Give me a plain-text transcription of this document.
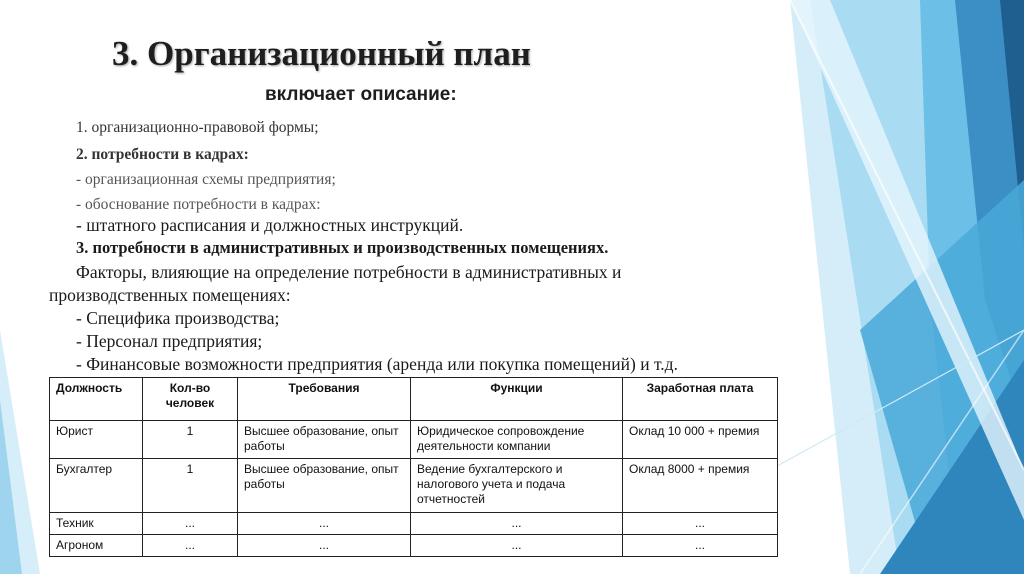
3. Организационный план
включает описание:
1. организационно-правовой формы;
2. потребности в кадрах:
- организационная схемы предприятия;
- обоснование потребности в кадрах:
- штатного расписания и должностных инструкций.
3. потребности в административных и производственных помещениях.
Факторы, влияющие на определение потребности в административных и
производственных помещениях:
- Специфика производства;
- Персонал предприятия;
- Финансовые возможности предприятия (аренда или покупка помещений) и т.д.
Должность	Кол-во человек	Требования	Функции	Заработная плата
Юрист	1	Высшее образование, опыт работы	Юридическое сопровождение деятельности компании	Оклад 10 000 + премия
Бухгалтер	1	Высшее образование, опыт работы	Ведение бухгалтерского и налогового учета и подача отчетностей	Оклад 8000 + премия
Техник	...	...	...	...
Агроном	...	...	...	...
